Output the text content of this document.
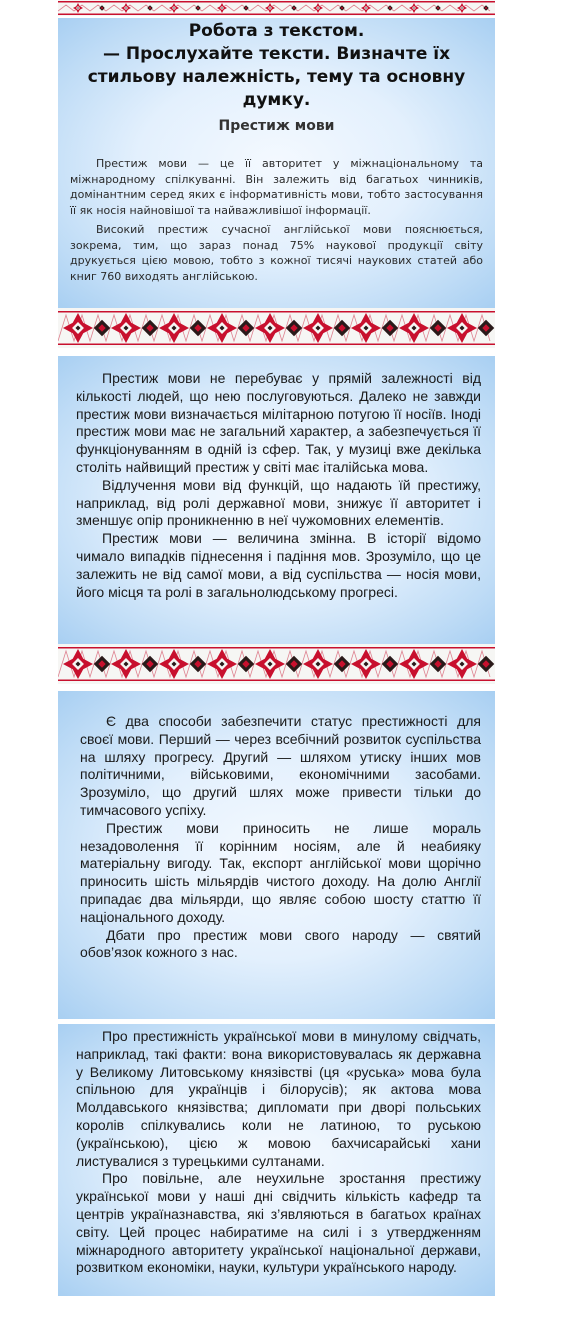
Робота з текстом.
— Прослухайте тексти. Визначте їх стильову належність, тему та основну думку.
Престиж мови

Престиж мови — це її авторитет у міжнаціональному та міжнародному спілкуванні. Він залежить від багатьох чинників, домінантним серед яких є інформативність мови, тобто застосування її як носія найновішої та найважливішої інформації.

Високий престиж сучасної англійської мови пояснюється, зокрема, тим, що зараз понад 75% наукової продукції світу друкується цією мовою, тобто з кожної тисячі наукових статей або книг 760 виходять англійською.

Престиж мови не перебуває у прямій залежності від кількості людей, що нею послуговуються. Далеко не завжди престиж мови визначається мілітарною потугою її носіїв. Іноді престиж мови має не загальний характер, а забезпечується її функціонуванням в одній із сфер. Так, у музиці вже декілька століть найвищий престиж у світі має італійська мова.

Відлучення мови від функцій, що надають їй престижу, наприклад, від ролі державної мови, знижує її авторитет і зменшує опір проникненню в неї чужомовних елементів.

Престиж мови — величина змінна. В історії відомо чимало випадків піднесення і падіння мов. Зрозуміло, що це залежить не від самої мови, а від суспільства — носія мови, його місця та ролі в загальнолюдському прогресі.

Є два способи забезпечити статус престижності для своєї мови. Перший — через всебічний розвиток суспільства на шляху прогресу. Другий — шляхом утиску інших мов політичними, військовими, економічними засобами. Зрозуміло, що другий шлях може привести тільки до тимчасового успіху.

Престиж мови приносить не лише мораль незадоволення її корінним носіям, але й неабияку матеріальну вигоду. Так, експорт англійської мови щорічно приносить шість мільярдів чистого доходу. На долю Англії припадає два мільярди, що являє собою шосту статтю її національного доходу.

Дбати про престиж мови свого народу — святий обов’язок кожного з нас.

Про престижність української мови в минулому свідчать, наприклад, такі факти: вона використовувалась як державна у Великому Литовському князівстві (ця «руська» мова була спільною для українців і білорусів); як актова мова Молдавського князівства; дипломати при дворі польських королів спілкувались коли не латиною, то руською (українською), цією ж мовою бахчисарайські хани листувалися з турецькими султанами.

Про повільне, але неухильне зростання престижу української мови у наші дні свідчить кількість кафедр та центрів україназнавства, які з’являються в багатьох країнах світу. Цей процес набиратиме на силі і з утвердженням міжнародного авторитету української національної держави, розвитком економіки, науки, культури українського народу.
